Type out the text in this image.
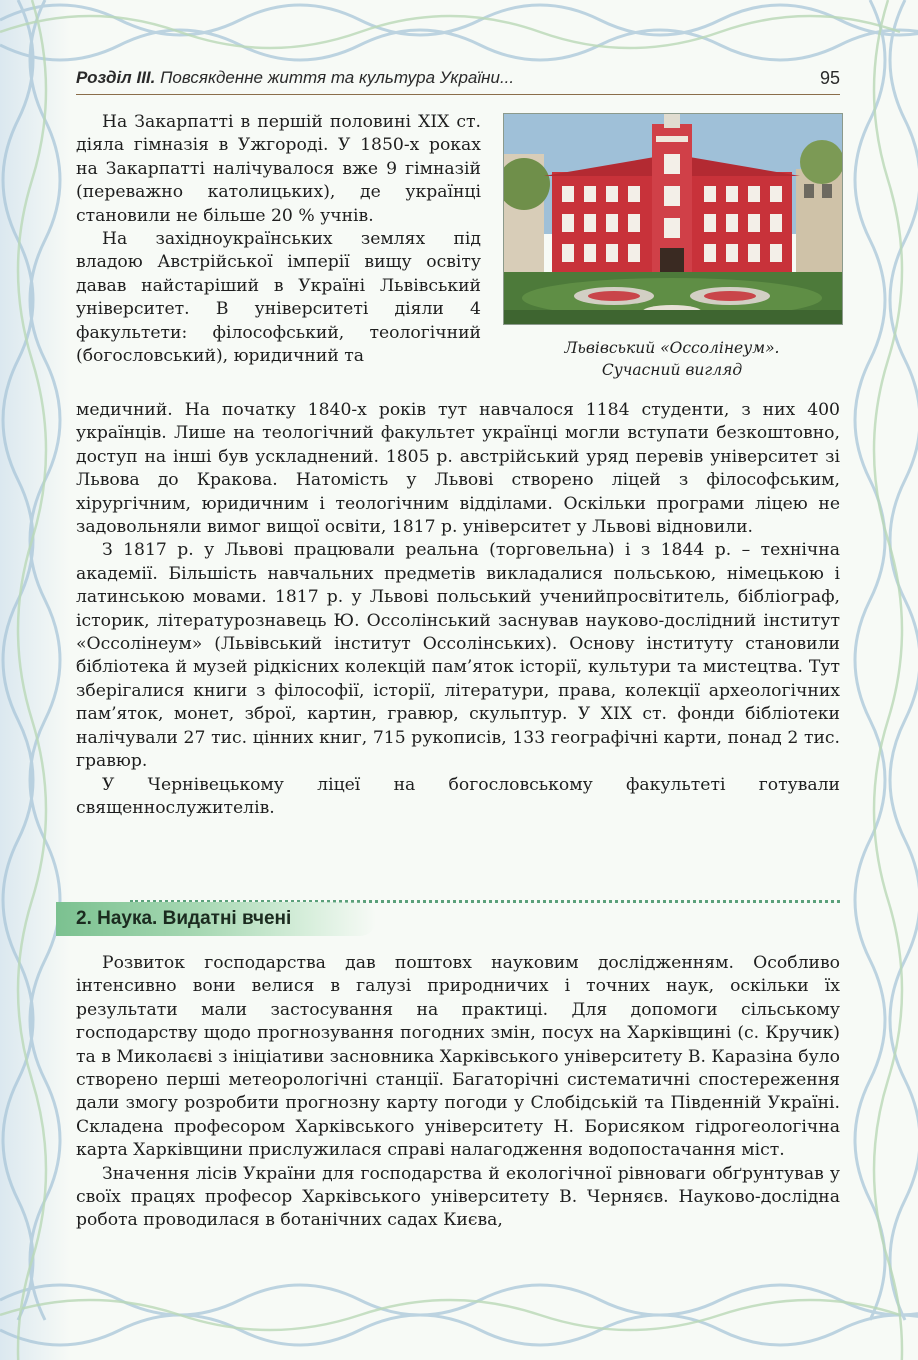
Розділ III. Повсякденне життя та культура України...	95
Львівський «Оссолінеум».
Сучасний вигляд

На Закарпатті в першій половині XIX ст. діяла гімназія в Ужгороді. У 1850-х роках на Закарпатті налічувалося вже 9 гімназій (переважно католицьких), де українці становили не більше 20 % учнів.

На західноукраїнських землях під владою Австрійської імперії вищу освіту давав найстаріший в Україні Львівський університет. В університеті діяли 4 факультети: філософський, теологічний (богословський), юридичний та

медичний. На початку 1840-х років тут навчалося 1184 студенти, з них 400 українців. Лише на теологічний факультет українці могли вступати безкоштовно, доступ на інші був ускладнений. 1805 р. австрійський уряд перевів університет зі Львова до Кракова. Натомість у Львові створено ліцей з філософським, хірургічним, юридичним і теологічним відділами. Оскільки програми ліцею не задовольняли вимог вищої освіти, 1817 р. університет у Львові відновили.

З 1817 р. у Львові працювали реальна (торговельна) і з 1844 р. – технічна академії. Більшість навчальних предметів викладалися польською, німецькою і латинською мовами. 1817 р. у Львові польський ученийпросвітитель, бібліограф, історик, літературознавець Ю. Оссолінський заснував науково-дослідний інститут «Оссолінеум» (Львівський інститут Оссолінських). Основу інституту становили бібліотека й музей рідкісних колекцій пам’яток історії, культури та мистецтва. Тут зберігалися книги з філософії, історії, літератури, права, колекції археологічних пам’яток, монет, зброї, картин, гравюр, скульптур. У XIX ст. фонди бібліотеки налічували 27 тис. цінних книг, 715 рукописів, 133 географічні карти, понад 2 тис. гравюр.

У Чернівецькому ліцеї на богословському факультеті готували священнослужителів.

2. Наука. Видатні вчені

Розвиток господарства дав поштовх науковим дослідженням. Особливо інтенсивно вони велися в галузі природничих і точних наук, оскільки їх результати мали застосування на практиці. Для допомоги сільському господарству щодо прогнозування погодних змін, посух на Харківщині (с. Кручик) та в Миколаєві з ініціативи засновника Харківського університету В. Каразіна було створено перші метеорологічні станції. Багаторічні систематичні спостереження дали змогу розробити прогнозну карту погоди у Слобідській та Південній Україні. Складена професором Харківського університету Н. Борисяком гідрогеологічна карта Харківщини прислужилася справі налагодження водопостачання міст.

Значення лісів України для господарства й екологічної рівноваги обґрунтував у своїх працях професор Харківського університету В. Черняєв. Науково-дослідна робота проводилася в ботанічних садах Києва,
